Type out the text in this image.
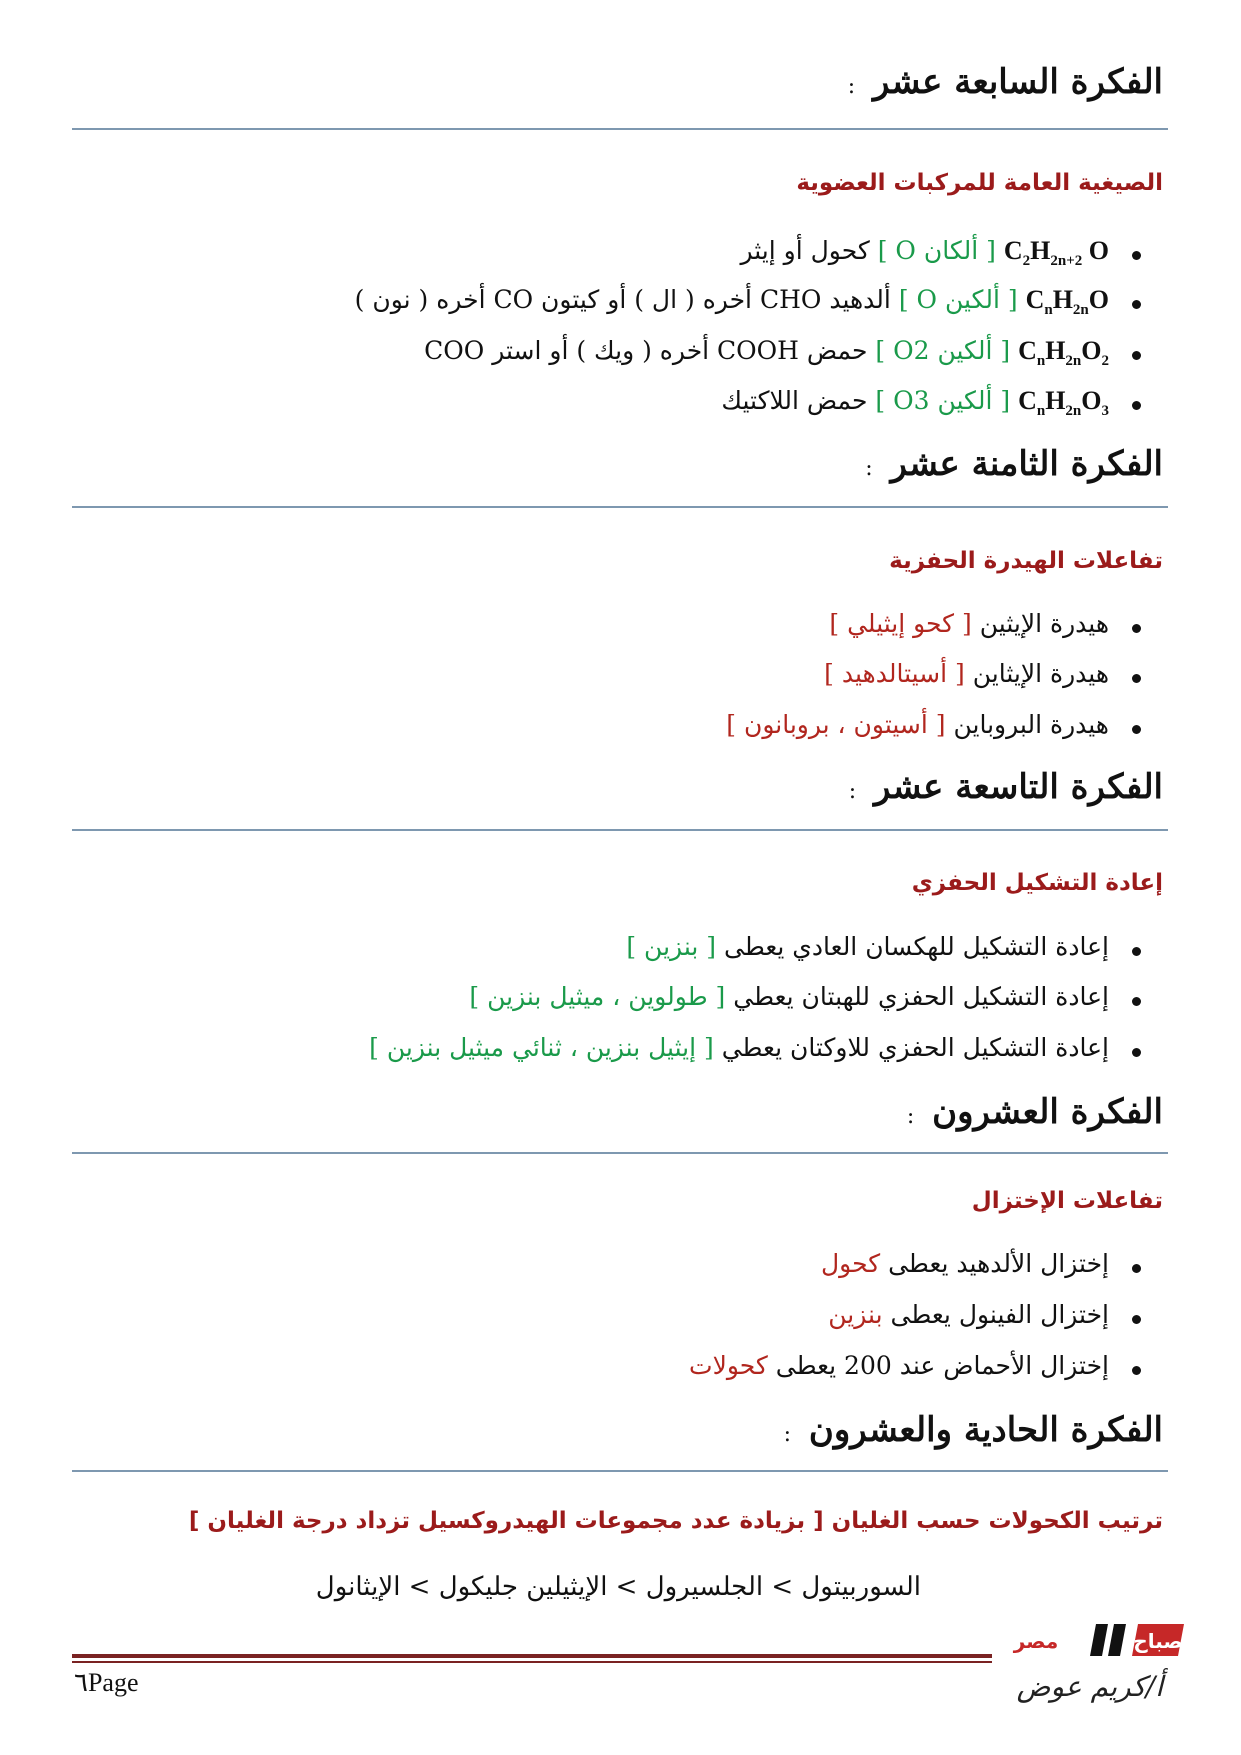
الفكرة السابعة عشر :
الصيغية العامة للمركبات العضوية
$C_2H_{2n+2}$ O [ ألكان O ] كحول أو إيثر
$C_nH_{2n}O$ [ ألكين O ] ألدهيد CHO أخره ( ال ) أو كيتون CO أخره ( نون )
$C_nH_{2n}O_2$ [ ألكين O2 ] حمض COOH أخره ( ويك ) أو استر COO
$C_nH_{2n}O_3$ [ ألكين O3 ] حمض اللاكتيك
الفكرة الثامنة عشر :
تفاعلات الهيدرة الحفزية
هيدرة الإيثين [ كحو إيثيلي ]
هيدرة الإيثاين [ أسيتالدهيد ]
هيدرة البروباين [ أسيتون ، بروبانون ]
الفكرة التاسعة عشر :
إعادة التشكيل الحفزي
إعادة التشكيل للهكسان العادي يعطى [ بنزين ]
إعادة التشكيل الحفزي للهبتان يعطي [ طولوين ، ميثيل بنزين ]
إعادة التشكيل الحفزي للاوكتان يعطي [ إيثيل بنزين ، ثنائي ميثيل بنزين ]
الفكرة العشرون :
تفاعلات الإختزال
إختزال الألدهيد يعطى كحول
إختزال الفينول يعطى بنزين
إختزال الأحماض عند 200 يعطى كحولات
الفكرة الحادية والعشرون :
ترتيب الكحولات حسب الغليان [ بزيادة عدد مجموعات الهيدروكسيل تزداد درجة الغليان ]
السوربيتول > الجلسيرول > الإيثيلين جليكول > الإيثانول
٦Page
صباح
مصر
أ/كريم عوض
